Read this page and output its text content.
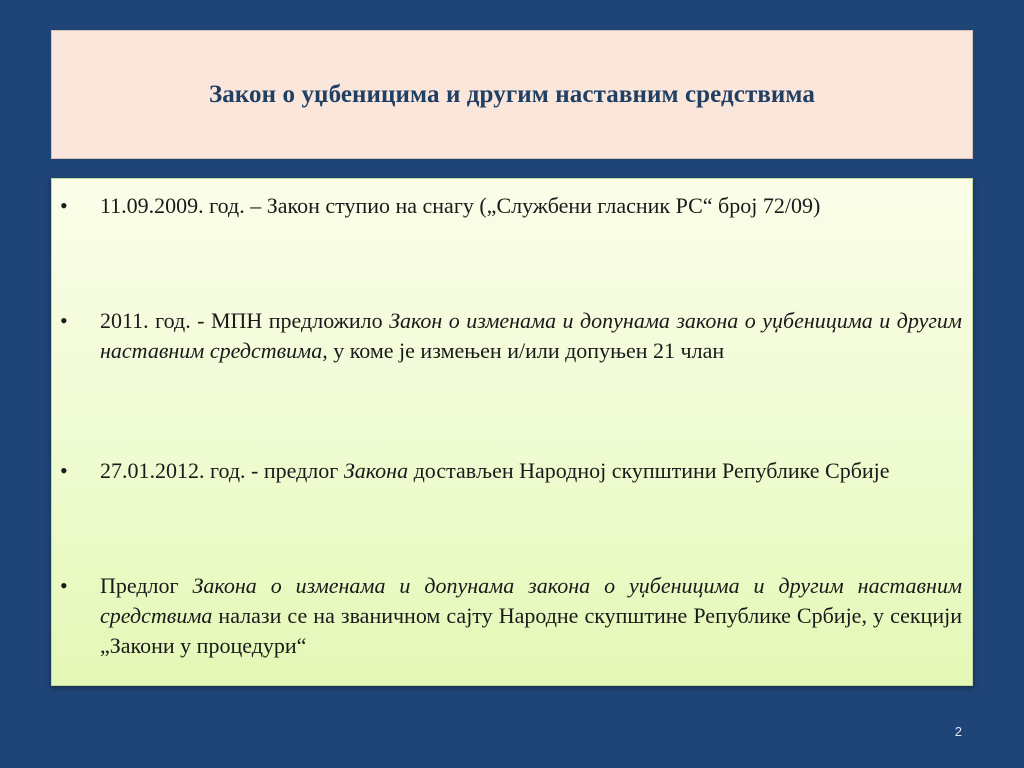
Закон о уџбеницима и другим наставним средствима
• 11.09.2009. год. – Закон ступио на снагу („Службени гласник РС“ број 72/09)

• 2011. год. - МПН предложило Закон о изменама и допунама закона о уџбеницима и другим наставним средствима, у коме је измењен и/или допуњен 21 члан

• 27.01.2012. год. - предлог Закона достављен Народној скупштини Републике Србије

• Предлог Закона о изменама и допунама закона о уџбеницима и другим наставним средствима налази се на званичном сајту Народне скупштине Републике Србије, у секцији „Закони у процедури“

2
